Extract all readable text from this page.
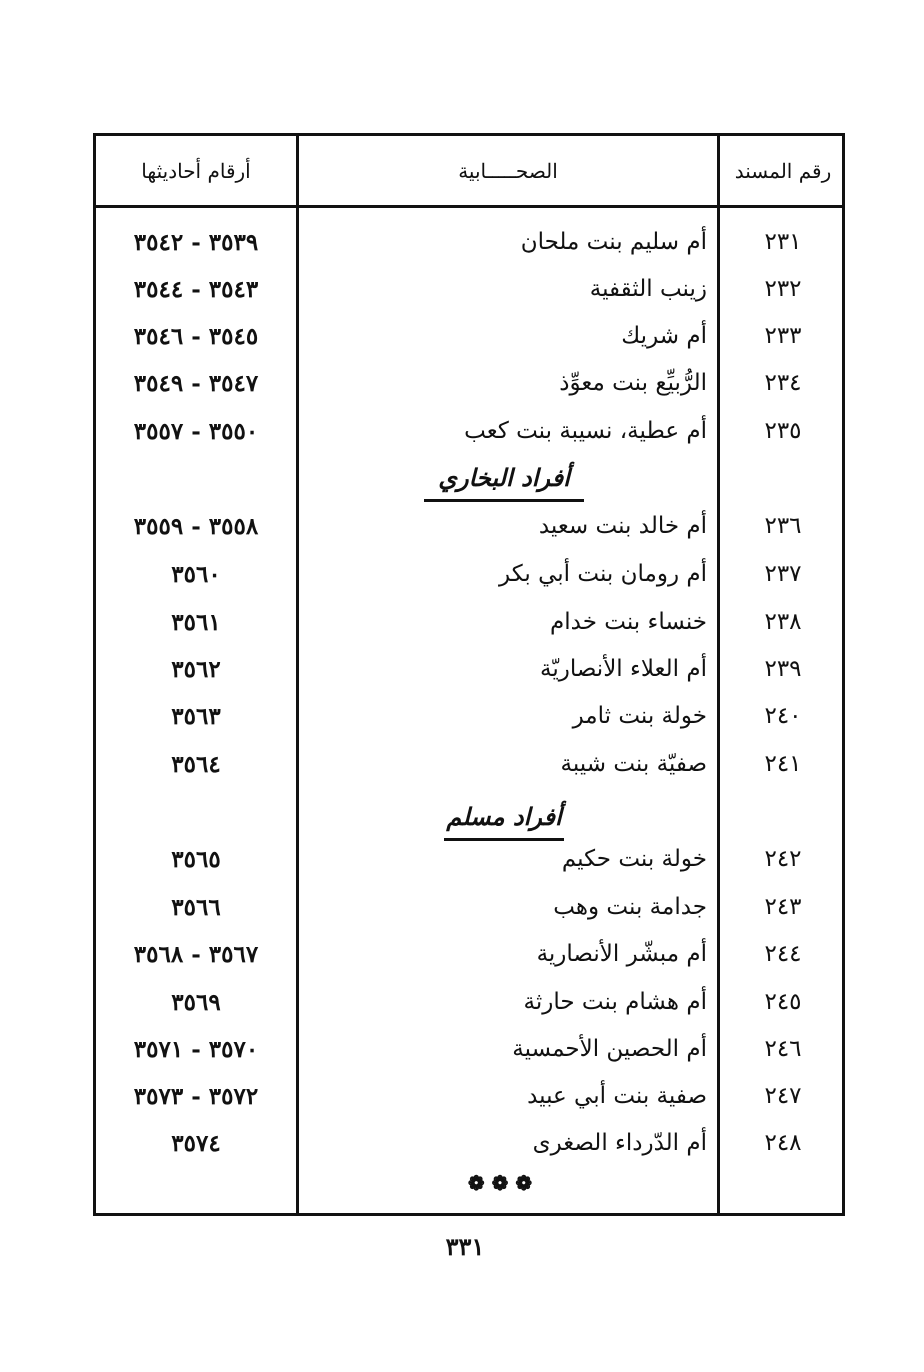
أرقام أحاديثها	الصحـــــابية	رقم المسند
٢٣١
أم سليم بنت ملحان
٣٥٣٩ - ٣٥٤٢
٢٣٢
زينب الثقفية
٣٥٤٣ - ٣٥٤٤
٢٣٣
أم شريك
٣٥٤٥ - ٣٥٤٦
٢٣٤
الرُّبيِّع بنت معوِّذ
٣٥٤٧ - ٣٥٤٩
٢٣٥
أم عطية، نسيبة بنت كعب
٣٥٥٠ - ٣٥٥٧
أفراد البخاري
٢٣٦
أم خالد بنت سعيد
٣٥٥٨ - ٣٥٥٩
٢٣٧
أم رومان بنت أبي بكر
٣٥٦٠
٢٣٨
خنساء بنت خدام
٣٥٦١
٢٣٩
أم العلاء الأنصاريّة
٣٥٦٢
٢٤٠
خولة بنت ثامر
٣٥٦٣
٢٤١
صفيّة بنت شيبة
٣٥٦٤
أفراد مسلم
٢٤٢
خولة بنت حكيم
٣٥٦٥
٢٤٣
جدامة بنت وهب
٣٥٦٦
٢٤٤
أم مبشّر الأنصارية
٣٥٦٧ - ٣٥٦٨
٢٤٥
أم هشام بنت حارثة
٣٥٦٩
٢٤٦
أم الحصين الأحمسية
٣٥٧٠ - ٣٥٧١
٢٤٧
صفية بنت أبي عبيد
٣٥٧٢ - ٣٥٧٣
٢٤٨
أم الدّرداء الصغرى
٣٥٧٤
❁ ❁ ❁
٣٣١
